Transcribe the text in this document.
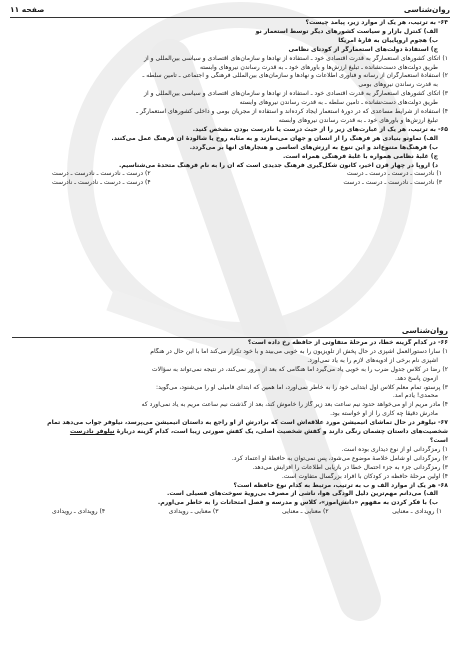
روان‌شناسی
صفحه ۱۱
۶۴- به ترتیب، هر یک از موارد زیر، پیامد چیست؟
الف) کنترل بازار و سیاست کشورهای دیگر توسط استعمار نو
ب) هجوم اروپاییان به قارهٔ آمریکا
ج) استفادهٔ دولت‌های استعمارگر از کودتای نظامی
۱) اتکای کشورهای استعمارگر به قدرت اقتصادی خود ـ استفاده از نهادها و سازمان‌های اقتصادی و سیاسی بین‌المللی و از
طریق دولت‌های دست‌نشانده ـ تبلیغ ارزش‌ها و باورهای خود ـ به قدرت رساندن نیروهای وابسته
۲) استفادهٔ استعمارگران از رسانه و فناوری اطلاعات و نهادها و سازمان‌های بین‌المللی فرهنگی و اجتماعی ـ تأمین سلطه ـ
به قدرت رساندن نیروهای بومی
۳) اتکای کشورهای استعمارگر به قدرت اقتصادی خود ـ استفاده از نهادها و سازمان‌های اقتصادی و سیاسی بین‌المللی و از
طریق دولت‌های دست‌نشانده ـ تأمین سلطه ـ به قدرت رساندن نیروهای وابسته
۴) استفاده از شرایط مساعدی که در دورهٔ استعمار ایجاد کرده‌اند و استفاده از مجریان بومی و داخلی کشورهای استعمارگر ـ
تبلیغ ارزش‌ها و باورهای خود ـ به قدرت رساندن نیروهای وابسته
۶۵- به ترتیب، هر یک از عبارت‌های زیر را از حیث درست یا نادرست بودن مشخص کنید.
الف) تماوتو بنیادی هر فرهنگ را از انسان و جهان می‌سازند و به مثابه روح یا شالودهٔ آن فرهنگ عمل می‌کنند.
ب) فرهنگ‌ها متنوع‌اند و این تنوع به ارزش‌های اساسی و هنجارهای آنها بر می‌گردد.
ج) غلبهٔ نظامی همواره با غلبهٔ فرهنگی همراه است.
د) اروپا در چهار قرن اخیر، کانون شکل‌گیری فرهنگ جدیدی است که آن را به نام فرهنگ متحدهٔ می‌شناسیم.
۱) نادرست ـ درست ـ درست ـ درست
۲) درست ـ نادرست ـ نادرست ـ درست
۳) نادرست ـ نادرست ـ درست ـ درست
۴) درست ـ درست ـ نادرست ـ نادرست
روان‌شناسی
۶۶- در کدام گزینه خطا، در مرحلهٔ متفاوتی از حافظه رخ داده است؟
۱) سارا دستورالعمل آشپزی در حال پخش از تلویزیون را به خوبی می‌بیند و با خود تکرار می‌کند اما با این حال در هنگام
آشپزی نام برخی از ادویه‌های لازم را به یاد نمی‌آورد.
۲) رضا در کلاس جدول ضرب را به خوبی یاد می‌گیرد اما هنگامی که بعد از مرور نمی‌کند، در نتیجه نمی‌تواند به سؤالات
آزمون پاسخ دهد.
۳) پرستو، تمام معلم کلاس اول ابتدایی خود را به خاطر نمی‌آورد، اما همین که ابتدای فامیلی او را می‌شنود، می‌گوید:
محمدی! یادم آمد.
۴) مادر مریم از او می‌خواهد حدود نیم ساعت بعد زیر گاز را خاموش کند، بعد از گذشت نیم ساعت مریم به یاد نمی‌آورد که
مادرش دقیقاً چه کاری را از او خواسته بود.
۶۷- نیلوفر در حال تماشای انیمیشن مورد علاقه‌اش است که برادرش از او راجع به داستان انیمیشن می‌پرسد، نیلوفر جواب می‌دهد تمام
شخصیت‌های داستان چشمان رنگی دارند و کفش شخصیت اصلی، یک کفش صورتی زیبا است، کدام گزینه دربارهٔ نیلوفر نادرست
است؟
۱) رمزگردانی او از نوع دیداری بوده است.
۲) رمزگردانی او شامل خلاصهٔ موضوع می‌شود، پس نمی‌توان به حافظهٔ او اعتماد کرد.
۳) رمزگردانی جزء به جزء احتمال خطا در بازیابی اطلاعات را افزایش می‌دهد.
۴) اولین مرحلهٔ حافظه در کودکان با افراد بزرگسال متفاوت است.
۶۸- هر یک از موارد الف و ب به ترتیب، مرتبط به کدام نوع حافظه است؟
الف) می‌دانم مهم‌ترین دلیل آلودگی هوا، ناشی از مصرف بی‌رویهٔ سوخت‌های فسیلی است.
ب) با فکر کردن به مفهوم «دانش‌آموز»، کلاس و مدرسه و فصل امتحانات را به خاطر می‌آورم.
۱) رویدادی ـ معنایی
۲) معنایی ـ معنایی
۳) معنایی ـ رویدادی
۴) رویدادی ـ رویدادی
